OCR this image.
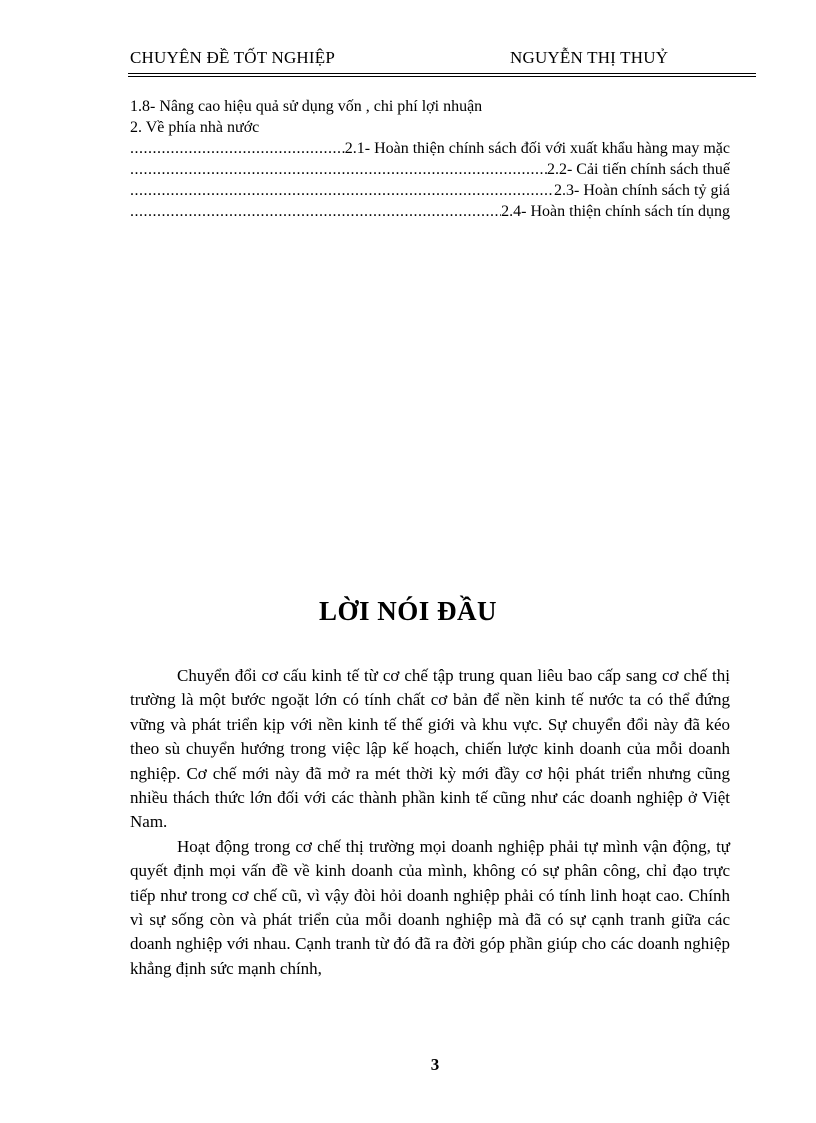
CHUYÊN ĐỀ TỐT NGHIỆP	NGUYỄN THỊ THUỶ
1.8- Nâng cao hiệu quả sử dụng vốn , chi phí lợi nhuận
2. Về phía nhà nước
.....
2.1- Hoàn thiện chính sách đối với xuất khẩu hàng may mặc
.....
2.2- Cải tiến chính sách thuế
.....
2.3- Hoàn chính sách tỷ giá
.....
2.4- Hoàn thiện chính sách tín dụng
LỜI NÓI ĐẦU

Chuyển đổi cơ cấu kinh tế từ cơ chế tập trung quan liêu bao cấp sang cơ chế thị trường là một bước ngoặt lớn có tính chất cơ bản để nền kinh tế nước ta có thể đứng vững và phát triển kịp với nền kinh tế thế giới và khu vực. Sự chuyển đổi này đã kéo theo sù chuyển hướng trong việc lập kế hoạch, chiến lược kinh doanh của mỗi doanh nghiệp. Cơ chế mới này đã mở ra mét thời kỳ mới đầy cơ hội phát triển nhưng cũng nhiều thách thức lớn đối với các thành phần kinh tế cũng như các doanh nghiệp ở Việt Nam.

Hoạt động trong cơ chế thị trường mọi doanh nghiệp phải tự mình vận động, tự quyết định mọi vấn đề về kinh doanh của mình, không có sự phân công, chỉ đạo trực tiếp như trong cơ chế cũ, vì vậy đòi hỏi doanh nghiệp phải có tính linh hoạt cao. Chính vì sự sống còn và phát triển của mỗi doanh nghiệp mà đã có sự cạnh tranh giữa các doanh nghiệp với nhau. Cạnh tranh từ đó đã ra đời góp phần giúp cho các doanh nghiệp khẳng định sức mạnh chính,

3
